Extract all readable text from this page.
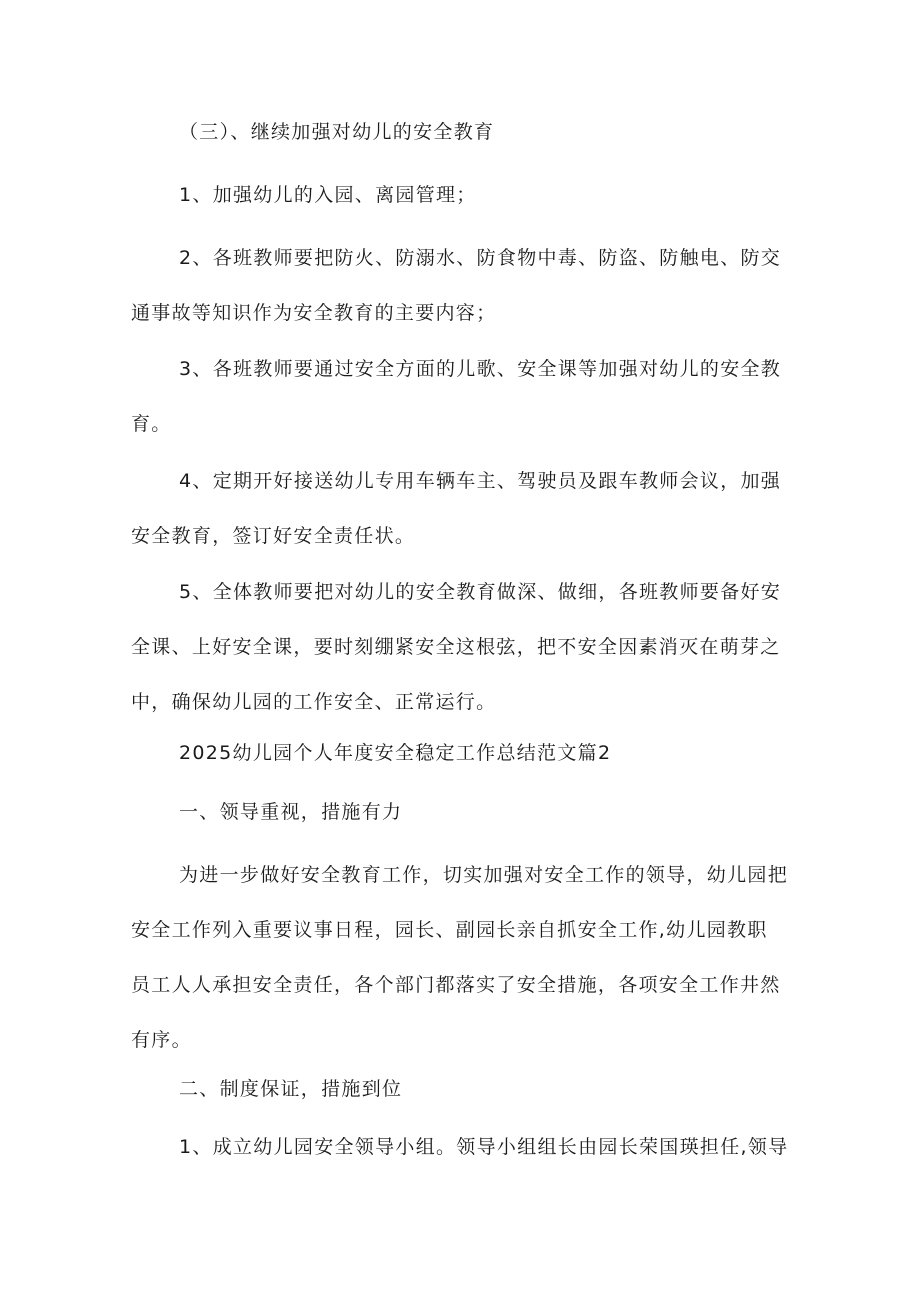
（三）、继续加强对幼儿的安全教育

1、加强幼儿的入园、离园管理；

2、各班教师要把防火、防溺水、防食物中毒、防盗、防触电、防交
通事故等知识作为安全教育的主要内容；

3、各班教师要通过安全方面的儿歌、安全课等加强对幼儿的安全教
育。

4、定期开好接送幼儿专用车辆车主、驾驶员及跟车教师会议，加强
安全教育，签订好安全责任状。

5、全体教师要把对幼儿的安全教育做深、做细，各班教师要备好安
全课、上好安全课，要时刻绷紧安全这根弦，把不安全因素消灭在萌芽之
中，确保幼儿园的工作安全、正常运行。

2025幼儿园个人年度安全稳定工作总结范文篇2

一、领导重视，措施有力

为进一步做好安全教育工作，切实加强对安全工作的领导，幼儿园把
安全工作列入重要议事日程，园长、副园长亲自抓安全工作,幼儿园教职
员工人人承担安全责任，各个部门都落实了安全措施，各项安全工作井然
有序。

二、制度保证，措施到位

1、成立幼儿园安全领导小组。领导小组组长由园长荣国瑛担任,领导
